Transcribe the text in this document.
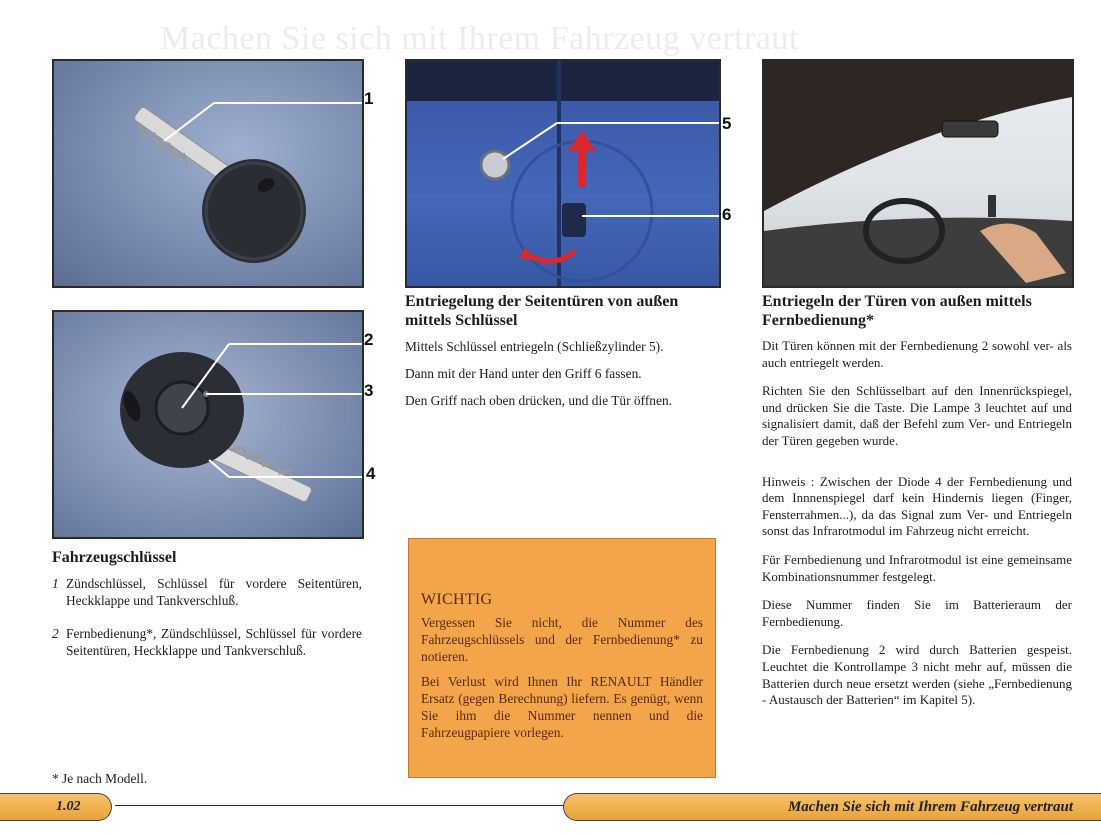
Machen Sie sich mit Ihrem Fahrzeug vertraut
1
2
3
4
5
6
Fahrzeugschlüssel
1 Zündschlüssel, Schlüssel für vordere Seitentüren, Heckklappe und Tankverschluß.
2 Fernbedienung*, Zündschlüssel, Schlüssel für vordere Seitentüren, Heckklappe und Tankverschluß.
* Je nach Modell.
Entriegelung der Seitentüren von außen mittels Schlüssel

Mittels Schlüssel entriegeln (Schließzylinder 5).

Dann mit der Hand unter den Griff 6 fassen.

Den Griff nach oben drücken, und die Tür öffnen.

WICHTIG

Vergessen Sie nicht, die Nummer des Fahrzeugschlüssels und der Fernbedienung* zu notieren.

Bei Verlust wird Ihnen Ihr RENAULT Händler Ersatz (gegen Berechnung) liefern. Es genügt, wenn Sie ihm die Nummer nennen und die Fahrzeugpapiere vorlegen.

Entriegeln der Türen von außen mittels Fernbedienung*

Dit Türen können mit der Fernbedienung 2 sowohl ver- als auch entriegelt werden.

Richten Sie den Schlüsselbart auf den Innenrückspiegel, und drücken Sie die Taste. Die Lampe 3 leuchtet auf und signalisiert damit, daß der Befehl zum Ver- und Entriegeln der Türen gegeben wurde.

Hinweis : Zwischen der Diode 4 der Fernbedienung und dem Innnenspiegel darf kein Hindernis liegen (Finger, Fensterrahmen...), da das Signal zum Ver- und Entriegeln sonst das Infrarotmodul im Fahrzeug nicht erreicht.

Für Fernbedienung und Infrarotmodul ist eine gemeinsame Kombinationsnummer festgelegt.

Diese Nummer finden Sie im Batterieraum der Fernbedienung.

Die Fernbedienung 2 wird durch Batterien gespeist. Leuchtet die Kontrollampe 3 nicht mehr auf, müssen die Batterien durch neue ersetzt werden (siehe „Fernbedienung - Austausch der Batterien“ im Kapitel 5).

1.02	Machen Sie sich mit Ihrem Fahrzeug vertraut
